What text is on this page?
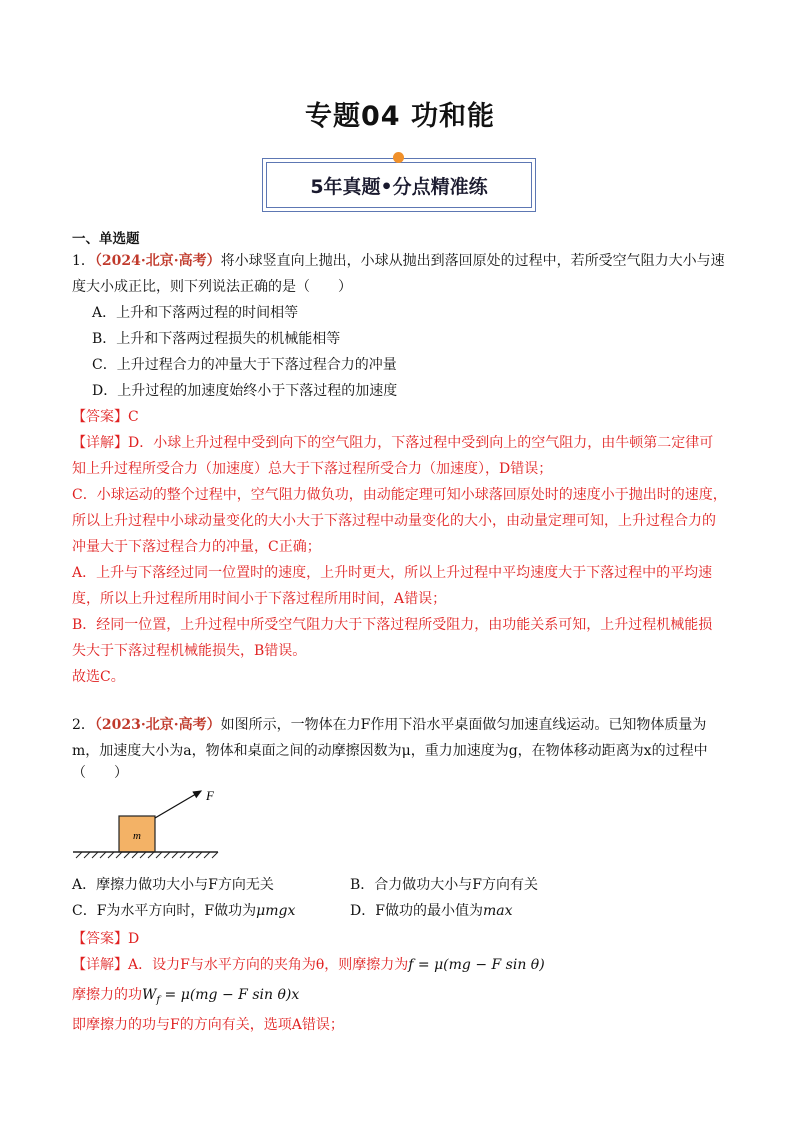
专题04 功和能
5年真题•分点精准练
一、单选题
1．（2024·北京·高考）将小球竖直向上抛出，小球从抛出到落回原处的过程中，若所受空气阻力大小与速
度大小成正比，则下列说法正确的是（　　）
A．上升和下落两过程的时间相等
B．上升和下落两过程损失的机械能相等
C．上升过程合力的冲量大于下落过程合力的冲量
D．上升过程的加速度始终小于下落过程的加速度
【答案】C
【详解】D．小球上升过程中受到向下的空气阻力，下落过程中受到向上的空气阻力，由牛顿第二定律可
知上升过程所受合力（加速度）总大于下落过程所受合力（加速度），D错误；
C．小球运动的整个过程中，空气阻力做负功，由动能定理可知小球落回原处时的速度小于抛出时的速度，
所以上升过程中小球动量变化的大小大于下落过程中动量变化的大小，由动量定理可知，上升过程合力的
冲量大于下落过程合力的冲量，C正确；
A．上升与下落经过同一位置时的速度，上升时更大，所以上升过程中平均速度大于下落过程中的平均速
度，所以上升过程所用时间小于下落过程所用时间，A错误；
B．经同一位置，上升过程中所受空气阻力大于下落过程所受阻力，由功能关系可知，上升过程机械能损
失大于下落过程机械能损失，B错误。
故选C。
2．（2023·北京·高考）如图所示，一物体在力F作用下沿水平桌面做匀加速直线运动。已知物体质量为
m，加速度大小为a，物体和桌面之间的动摩擦因数为μ，重力加速度为g，在物体移动距离为x的过程中
（　　）
m
F
A．摩擦力做功大小与F方向无关	B．合力做功大小与F方向有关
C．F为水平方向时，F做功为μmgx	D．F做功的最小值为max
【答案】D
【详解】A．设力F与水平方向的夹角为θ，则摩擦力为f = μ(mg − F sin θ)
摩擦力的功$W_f = \mu(mg - F$ sin θ)x
即摩擦力的功与F的方向有关，选项A错误；
